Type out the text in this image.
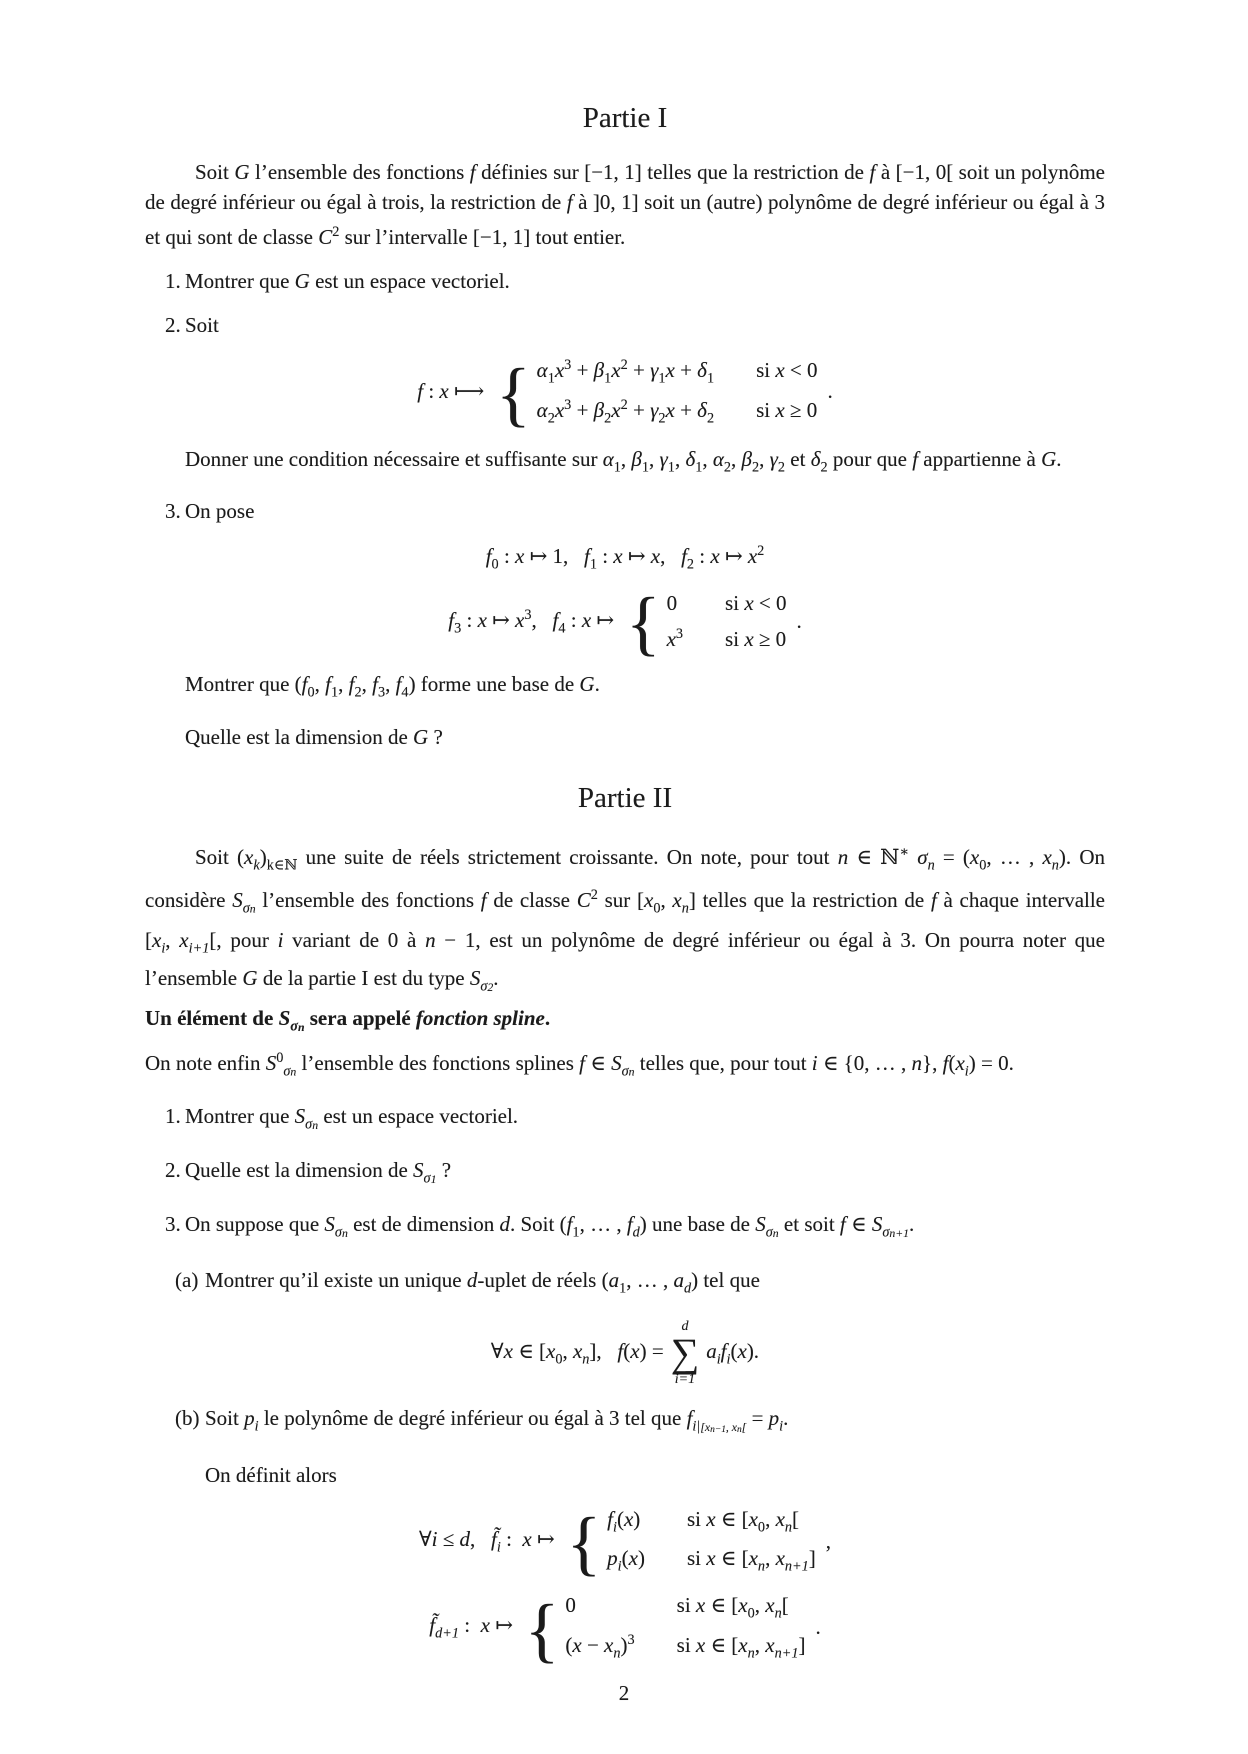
Partie I
Soit G l’ensemble des fonctions f définies sur [−1, 1] telles que la restriction de f à [−1, 0[ soit un polynôme de degré inférieur ou égal à trois, la restriction de f à ]0, 1] soit un (autre) polynôme de degré inférieur ou égal à 3 et qui sont de classe $C^2$ sur l’intervalle [−1, 1] tout entier.
1. Montrer que G est un espace vectoriel.
2. Soit
f : x ⟼ { $\alpha_1x^3 + \beta_1x^2 + \gamma_1x + \delta_1$ si x < 0
$\alpha_2x^3 + \beta_2x^2 + \gamma_2x + \delta_2$ si x ≥ 0
.
Donner une condition nécessaire et suffisante sur $\alpha_1$, $\beta_1$, $\gamma_1$, $\delta_1$, $\alpha_2$, $\beta_2$, $\gamma_2$ et $\delta_2$ pour que f appartienne à G.
3. On pose
$f_0$ : x ↦ 1,   $f_1$ : x ↦ x,   $f_2$ : x ↦ $x^2$
$f_3$ : x ↦ $x^3$,   $f_4$ : x ↦ { 0 si x < 0
$x^3$ si x ≥ 0
.
Montrer que ($f_0$, $f_1$, $f_2$, $f_3$, $f_4$) forme une base de G.
Quelle est la dimension de G ?
Partie II
Soit $(x_k)_{k\in ℕ}$ une suite de réels strictement croissante. On note, pour tout n ∈ ℕ∗ $\sigma_n = (x_0$, … , $x_n$). On considère $S_{\sigma n}$ l’ensemble des fonctions f de classe $C^2$ sur [$x_0$, $x_n$] telles que la restriction de f à chaque intervalle [$x_i$, $x_{i+1}$[, pour i variant de 0 à n − 1, est un polynôme de degré inférieur ou égal à 3. On pourra noter que l’ensemble G de la partie I est du type $S_{\sigma 2}$.
Un élément de $S_{\sigma n}$ sera appelé fonction spline.
On note enfin $S^0_{\sigma n}$ l’ensemble des fonctions splines f ∈ $S_{\sigma n}$ telles que, pour tout i ∈ {0, … , n}, $f(x_i) = 0$.
1. Montrer que $S_{\sigma n}$ est un espace vectoriel.
2. Quelle est la dimension de $S_{\sigma 1}$ ?
3. On suppose que $S_{\sigma n}$ est de dimension d. Soit ($f_1$, … , $f_d$) une base de $S_{\sigma n}$ et soit f ∈ $S_{\sigma n+1}$.
(a) Montrer qu’il existe un unique d-uplet de réels ($a_1$, … , $a_d$) tel que
∀x ∈ [$x_0$, $x_n$],   f(x) =
d
∑
i=1
$a_if_i(x)$.
(b) Soit $p_i$ le polynôme de degré inférieur ou égal à 3 tel que $f_{i|[xn-1, xn[} = p_i$.
On définit alors
∀i ≤ d,   $f̃_i$ :  x ↦ { $f_i(x)$ si x ∈ [$x_0$, $x_n$[
$p_i(x)$ si x ∈ [$x_n$, $x_{n+1}$]
,
$f̃_{d+1}$ :  x ↦ { 0	si x ∈ [$x_0$, $x_n$[
$(x - x_n)^3$ si x ∈ [$x_n$, $x_{n+1}$]
.
2
